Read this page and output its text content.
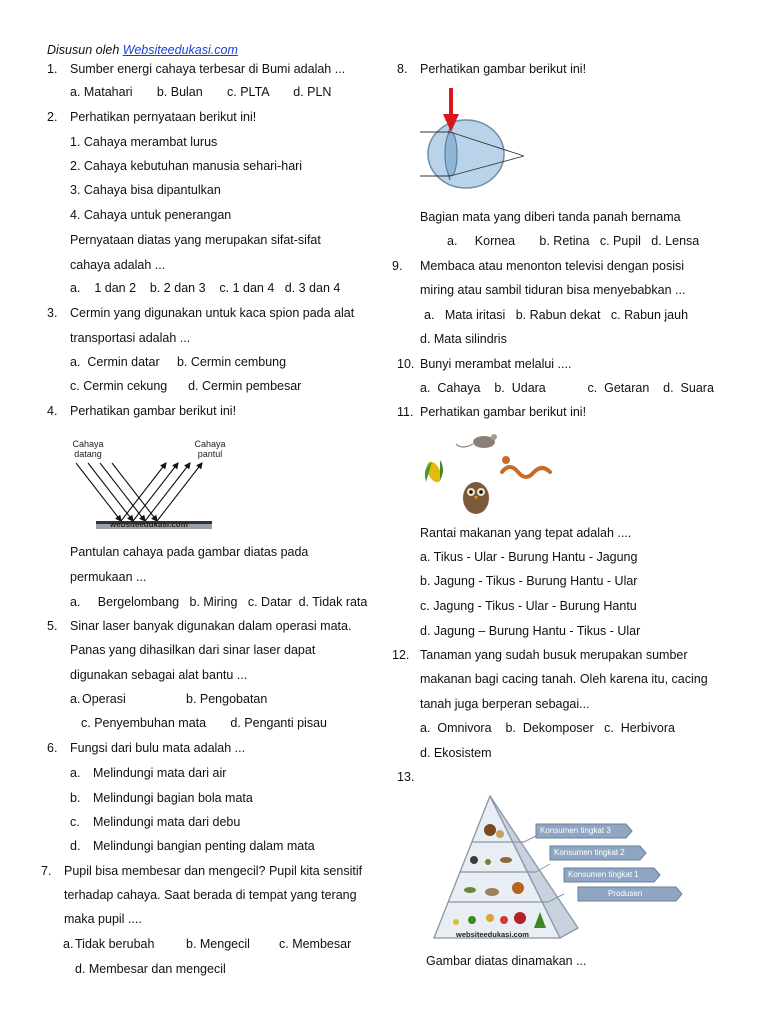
Disusun oleh Websiteedukasi.com
1. Sumber energi cahaya terbesar di Bumi adalah ...
a. Matahari       b. Bulan       c. PLTA       d. PLN
2. Perhatikan pernyataan berikut ini!
1. Cahaya merambat lurus
2. Cahaya kebutuhan manusia sehari-hari
3. Cahaya bisa dipantulkan
4. Cahaya untuk penerangan
Pernyataan diatas yang merupakan sifat-sifat
cahaya adalah ...
a.    1 dan 2    b. 2 dan 3    c. 1 dan 4   d. 3 dan 4
3. Cermin yang digunakan untuk kaca spion pada alat
transportasi adalah ...
a.  Cermin datar     b. Cermin cembung
c. Cermin cekung      d. Cermin pembesar
4. Perhatikan gambar berikut ini!
Cahaya
datang
Cahaya
pantul
websiteedukasi.com
Pantulan cahaya pada gambar diatas pada
permukaan ...
a.     Bergelombang   b. Miring   c. Datar  d. Tidak rata
5. Sinar laser banyak digunakan dalam operasi mata.
Panas yang dihasilkan dari sinar laser dapat
digunakan sebagai alat bantu ...
a. Operasi	b. Pengobatan
c. Penyembuhan mata       d. Penganti pisau
6. Fungsi dari bulu mata adalah ...
a. Melindungi mata dari air
b. Melindungi bagian bola mata
c. Melindungi mata dari debu
d. Melindungi bangian penting dalam mata
7. Pupil bisa membesar dan mengecil? Pupil kita sensitif
terhadap cahaya. Saat berada di tempat yang terang
maka pupil ....
a. Tidak berubah	b. Mengecil c. Membesar
d. Membesar dan mengecil
8. Perhatikan gambar berikut ini!
Bagian mata yang diberi tanda panah bernama
a.     Kornea       b. Retina   c. Pupil   d. Lensa
9. Membaca atau menonton televisi dengan posisi
miring atau sambil tiduran bisa menyebabkan ...
a.   Mata iritasi   b. Rabun dekat   c. Rabun jauh
d. Mata silindris
10. Bunyi merambat melalui ....
a.  Cahaya    b.  Udara            c.  Getaran    d.  Suara
11. Perhatikan gambar berikut ini!
Rantai makanan yang tepat adalah ....
a. Tikus - Ular - Burung Hantu - Jagung
b. Jagung - Tikus - Burung Hantu - Ular
c. Jagung - Tikus - Ular - Burung Hantu
d. Jagung – Burung Hantu - Tikus - Ular
12. Tanaman yang sudah busuk merupakan sumber
makanan bagi cacing tanah. Oleh karena itu, cacing
tanah juga berperan sebagai...
a.  Omnivora    b.  Dekomposer   c.  Herbivora
d. Ekosistem
13.
Konsumen tingkat 3
Konsumen tingkat 2
Konsumen tingkat 1
Produsen
websiteedukasi.com
Gambar diatas dinamakan ...
